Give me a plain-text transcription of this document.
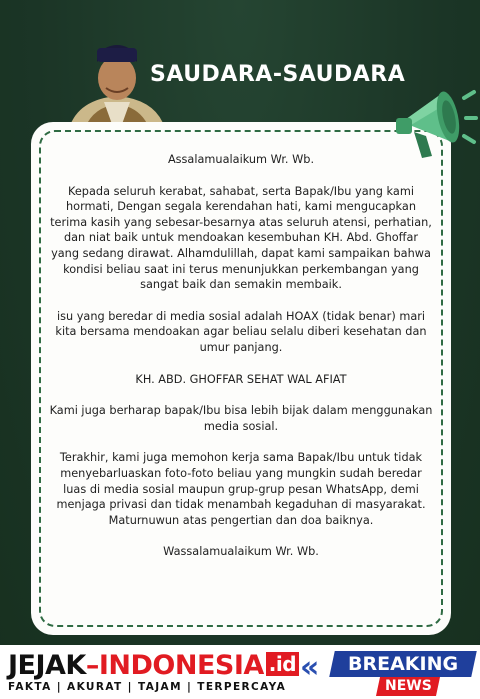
SAUDARA-SAUDARA

Assalamualaikum Wr. Wb.

Kepada seluruh kerabat, sahabat, serta Bapak/Ibu yang kami hormati, Dengan segala kerendahan hati, kami mengucapkan terima kasih yang sebesar-besarnya atas seluruh atensi, perhatian, dan niat baik untuk mendoakan kesembuhan KH. Abd. Ghoffar yang sedang dirawat. Alhamdulillah, dapat kami sampaikan bahwa kondisi beliau saat ini terus menunjukkan perkembangan yang sangat baik dan semakin membaik.

isu yang beredar di media sosial adalah HOAX (tidak benar) mari kita bersama mendoakan agar beliau selalu diberi kesehatan dan umur panjang.

KH. ABD. GHOFFAR SEHAT WAL AFIAT

Kami juga berharap bapak/Ibu bisa lebih bijak dalam menggunakan media sosial.

Terakhir, kami juga memohon kerja sama Bapak/Ibu untuk tidak menyebarluaskan foto-foto beliau yang mungkin sudah beredar luas di media sosial maupun grup-grup pesan WhatsApp, demi menjaga privasi dan tidak menambah kegaduhan di masyarakat. Maturnuwun atas pengertian dan doa baiknya.

Wassalamualaikum Wr. Wb.

JEJAK–INDONESIA .id
FAKTA | AKURAT | TAJAM | TERPERCAYA
«	BREAKING
NEWS
